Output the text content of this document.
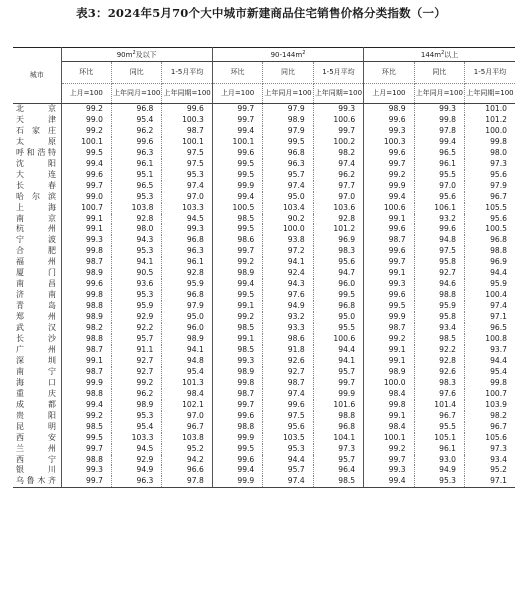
表3：2024年5月70个大中城市新建商品住宅销售价格分类指数（一）
城市	$90m^2$及以下			$90-144m^2$			$144m^2$以上		
	环比	同比	1-5月平均	环比	同比	1-5月平均	环比	同比	1-5月平均
	上月=100	上年同月=100	上年同期=100	上月=100	上年同月=100	上年同期=100	上月=100	上年同月=100	上年同期=100
北京	99.2	96.8	99.6	99.7	97.9	99.3	98.9	99.3	101.0
天津	99.0	95.4	100.3	99.7	98.9	100.6	99.6	99.8	101.2
石家庄	99.2	96.2	98.7	99.4	97.9	99.7	99.3	97.8	100.0
太原	100.1	99.6	100.1	100.1	99.5	100.2	100.3	99.4	99.8
呼和浩特	99.5	96.3	97.5	99.6	96.8	98.2	99.6	96.5	98.0
沈阳	99.4	96.1	97.5	99.5	96.3	97.4	99.7	96.1	97.3
大连	99.6	95.1	95.3	99.5	95.7	96.2	99.2	95.5	95.6
长春	99.7	96.5	97.4	99.9	97.4	97.7	99.9	97.0	97.9
哈尔滨	99.0	95.3	97.0	99.4	95.0	97.0	99.4	95.6	96.7
上海	100.7	103.8	103.3	100.5	103.4	103.6	100.6	106.1	105.5
南京	99.1	92.8	94.5	98.5	90.2	92.8	99.1	93.2	95.6
杭州	99.1	98.0	99.3	99.5	100.0	101.2	99.6	99.6	100.5
宁波	99.3	94.3	96.8	98.6	93.8	96.9	98.7	94.8	96.8
合肥	99.8	95.3	96.3	99.7	97.2	98.3	99.6	97.5	98.8
福州	98.7	94.1	96.1	99.2	94.1	95.6	99.7	95.8	96.9
厦门	98.9	90.5	92.8	98.9	92.4	94.7	99.1	92.7	94.4
南昌	99.6	93.6	95.9	99.4	94.3	96.0	99.3	94.6	95.9
济南	99.8	95.3	96.8	99.5	97.6	99.5	99.6	98.8	100.4
青岛	98.8	95.9	97.9	99.1	94.9	96.8	99.5	95.9	97.4
郑州	98.9	92.9	95.0	99.2	93.2	95.0	99.9	95.8	97.1
武汉	98.2	92.2	96.0	98.5	93.3	95.5	98.7	93.4	96.5
长沙	98.8	95.7	98.9	99.1	98.6	100.6	99.2	98.5	100.8
广州	98.7	91.1	94.1	98.5	91.8	94.4	99.1	92.2	93.7
深圳	99.1	92.7	94.8	99.3	92.6	94.1	99.1	92.8	94.4
南宁	98.7	92.7	95.4	98.9	92.7	95.7	98.9	92.6	95.4
海口	99.9	99.2	101.3	99.8	98.7	99.7	100.0	98.3	99.8
重庆	98.8	96.2	98.4	98.7	97.4	99.9	98.4	97.6	100.7
成都	99.4	98.9	102.1	99.7	99.6	101.6	99.8	101.4	103.9
贵阳	99.2	95.3	97.0	99.6	97.5	98.8	99.1	96.7	98.2
昆明	98.5	95.4	96.7	98.8	95.6	96.8	98.4	95.5	96.7
西安	99.5	103.3	103.8	99.9	103.5	104.1	100.1	105.1	105.6
兰州	99.7	94.5	95.2	99.5	95.3	97.3	99.2	96.1	97.3
西宁	98.8	92.9	94.2	99.6	94.4	95.7	99.7	93.0	93.4
银川	99.3	94.9	96.6	99.4	95.7	96.4	99.3	94.9	95.2
乌鲁木齐	99.7	96.3	97.8	99.9	97.4	98.5	99.4	95.3	97.1
